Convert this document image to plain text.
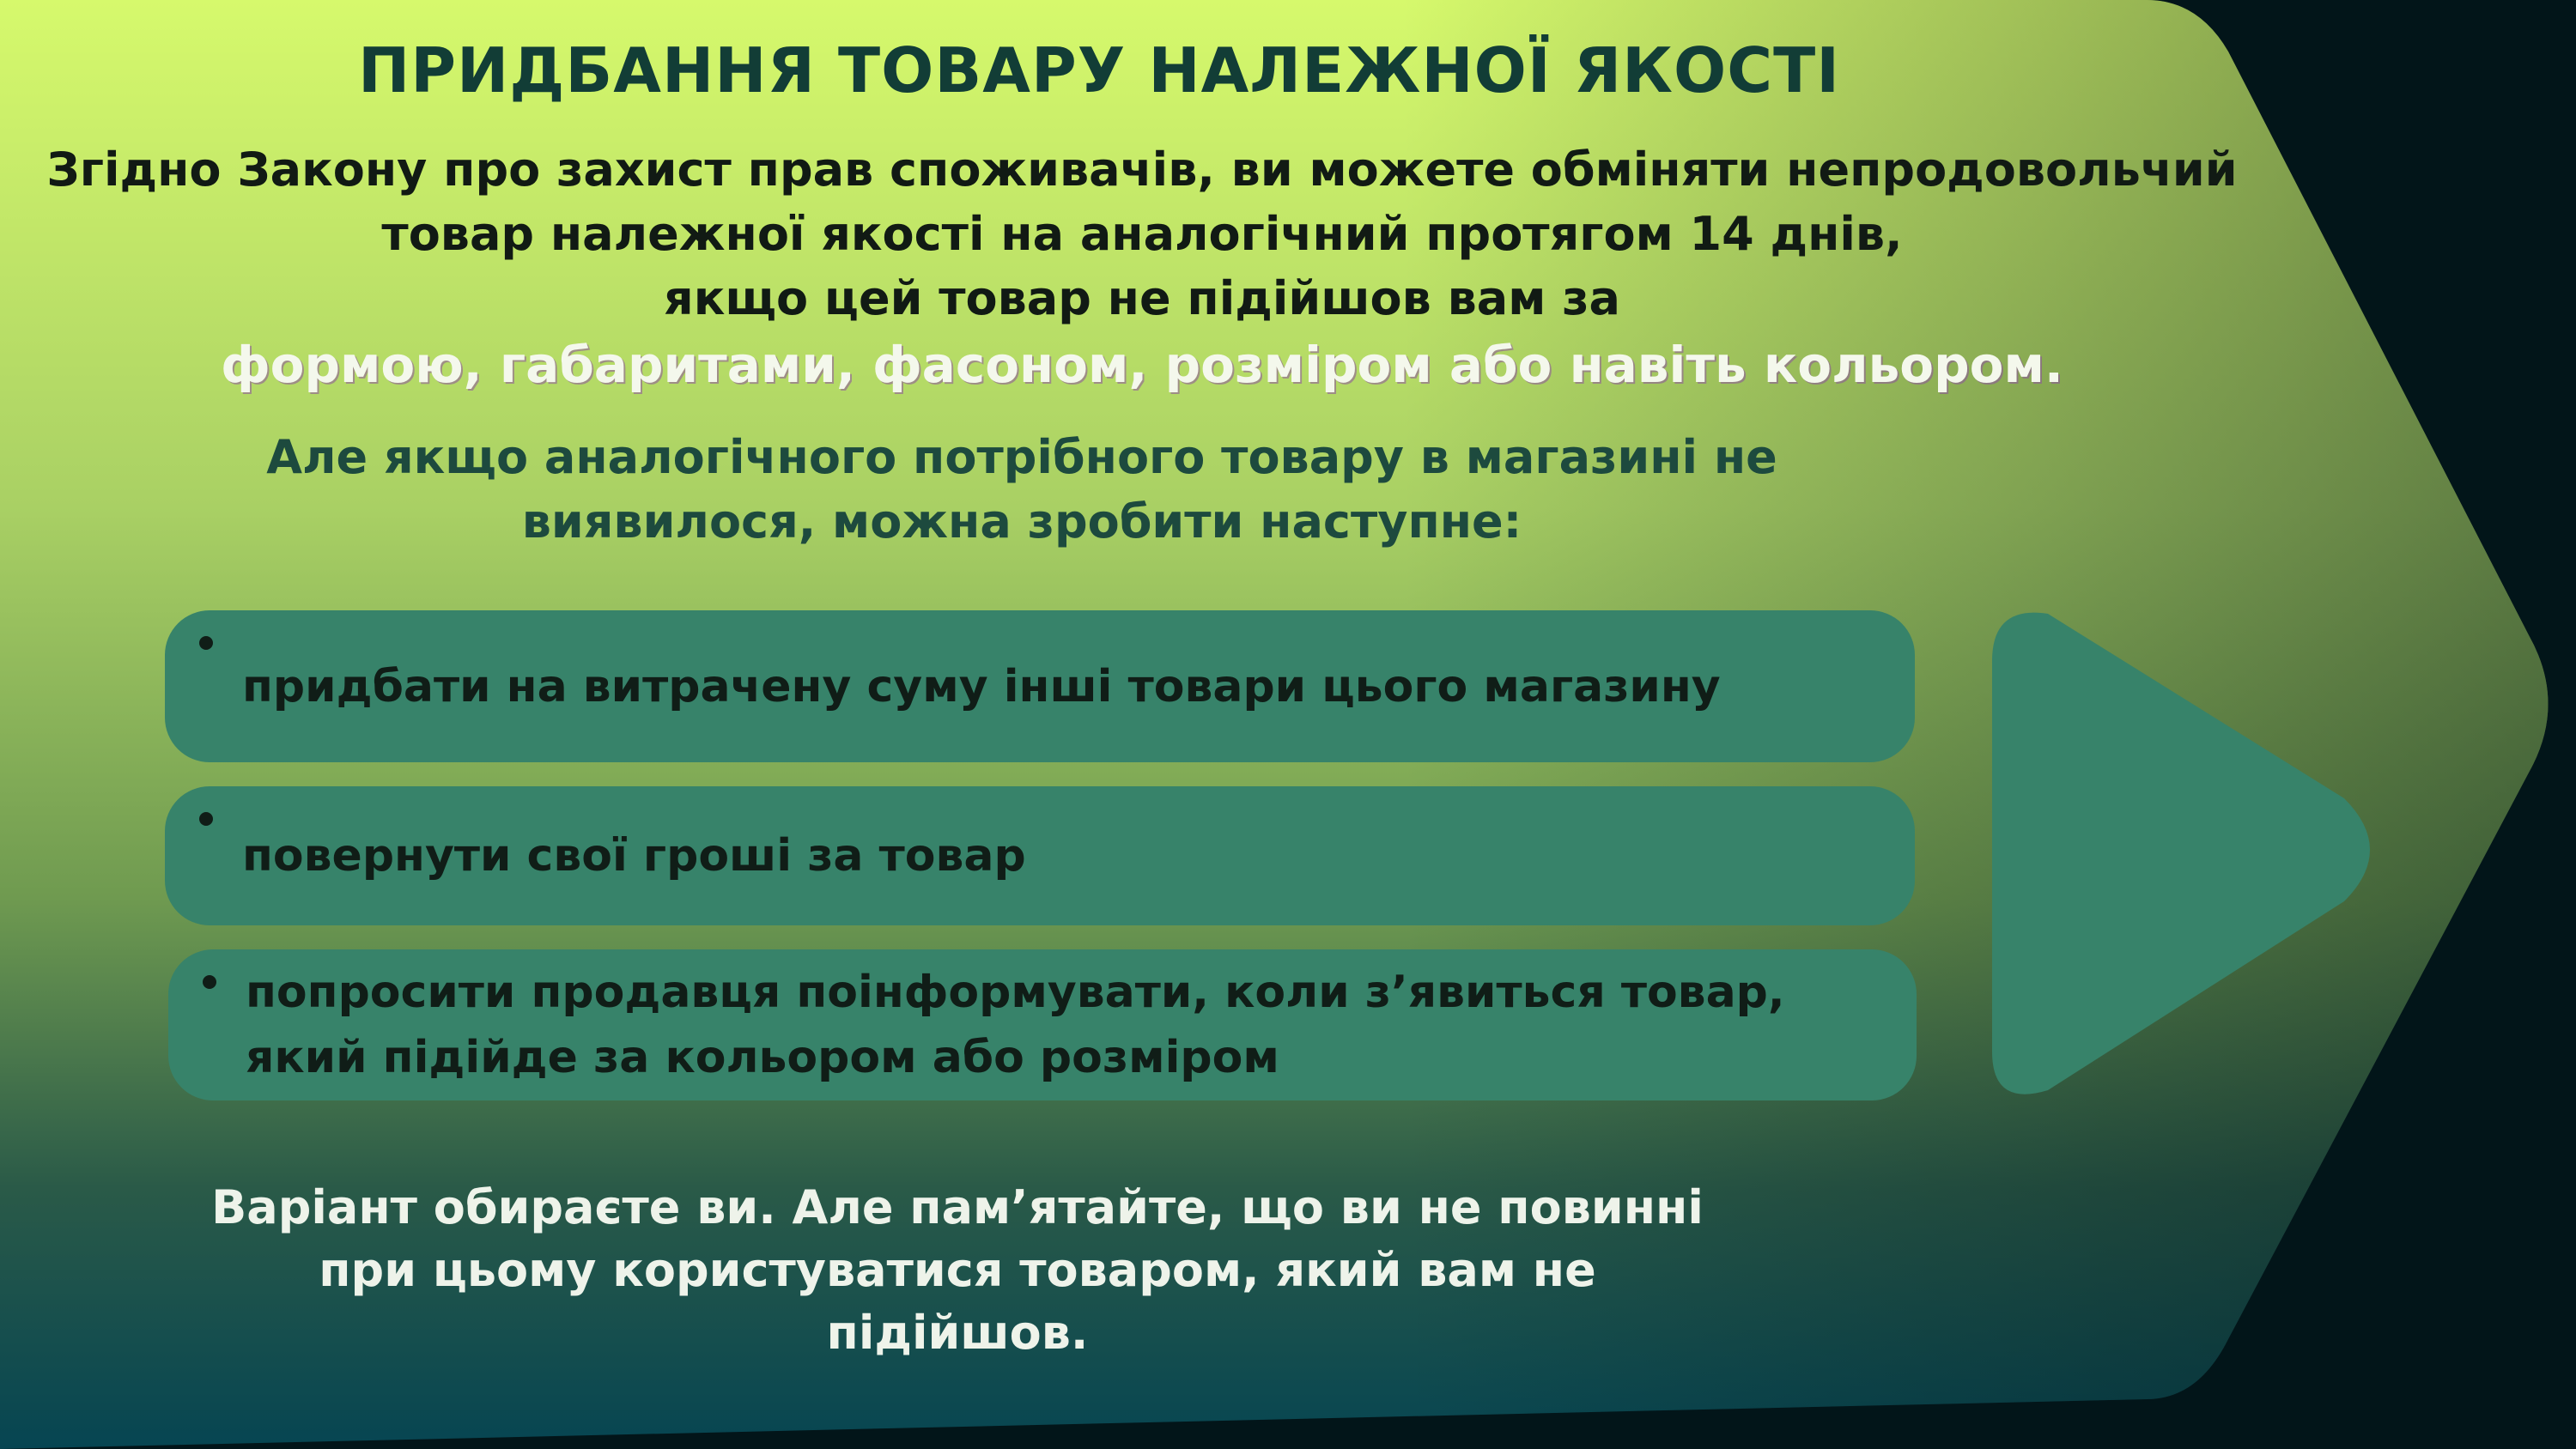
ПРИДБАННЯ ТОВАРУ НАЛЕЖНОЇ ЯКОСТІ
Згідно Закону про захист прав споживачів, ви можете обміняти непродовольчий
товар належної якості на аналогічний протягом 14 днів,
якщо цей товар не підійшов вам за
формою, габаритами, фасоном, розміром або навіть кольором.
Але якщо аналогічного потрібного товару в магазині не
виявилося, можна зробити наступне:
придбати на витрачену суму інші товари цього магазину
повернути свої гроші за товар
попросити продавця поінформувати, коли з’явиться товар, який підійде за кольором або розміром
Варіант обираєте ви. Але пам’ятайте, що ви не повинні
при цьому користуватися товаром, який вам не
підійшов.
